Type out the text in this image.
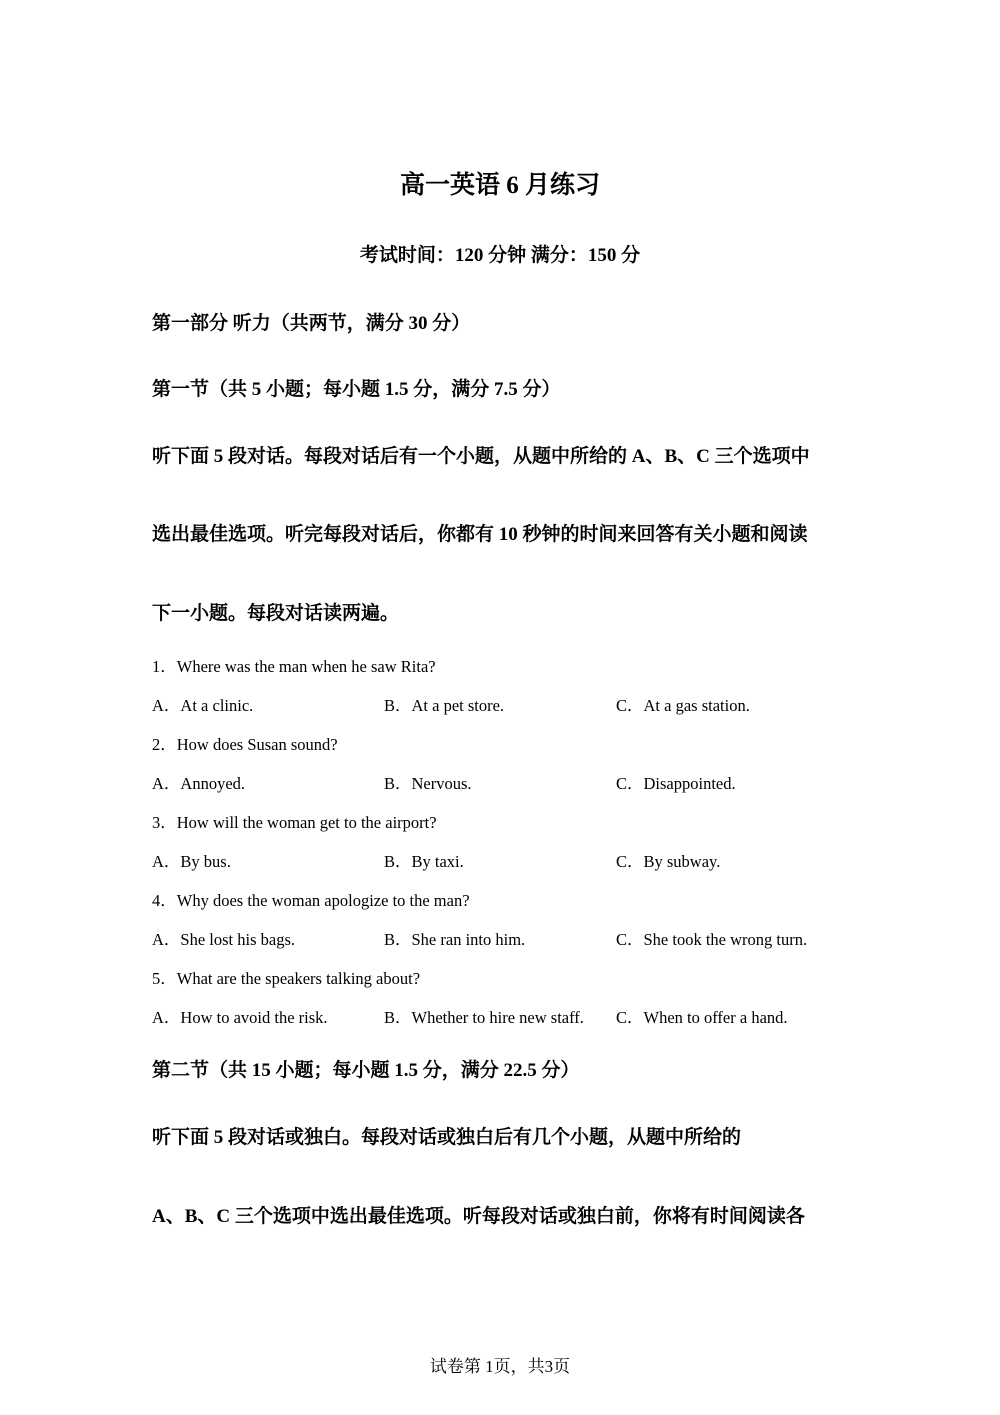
高一英语 6 月练习
考试时间：120 分钟 满分：150 分
第一部分 听力（共两节，满分 30 分）
第一节（共 5 小题；每小题 1.5 分，满分 7.5 分）
听下面 5 段对话。每段对话后有一个小题，从题中所给的 A、B、C 三个选项中
选出最佳选项。听完每段对话后，你都有 10 秒钟的时间来回答有关小题和阅读
下一小题。每段对话读两遍。
1．Where was the man when he saw Rita?
A．At a clinic.	B．At a pet store.	C．At a gas station.
2．How does Susan sound?
A．Annoyed.	B．Nervous.	C．Disappointed.
3．How will the woman get to the airport?
A．By bus.	B．By taxi.	C．By subway.
4．Why does the woman apologize to the man?
A．She lost his bags.	B．She ran into him.	C．She took the wrong turn.
5．What are the speakers talking about?
A．How to avoid the risk.	B．Whether to hire new staff. C．When to offer a hand.
第二节（共 15 小题；每小题 1.5 分，满分 22.5 分）
听下面 5 段对话或独白。每段对话或独白后有几个小题，从题中所给的
A、B、C 三个选项中选出最佳选项。听每段对话或独白前，你将有时间阅读各
试卷第 1页，共3页
